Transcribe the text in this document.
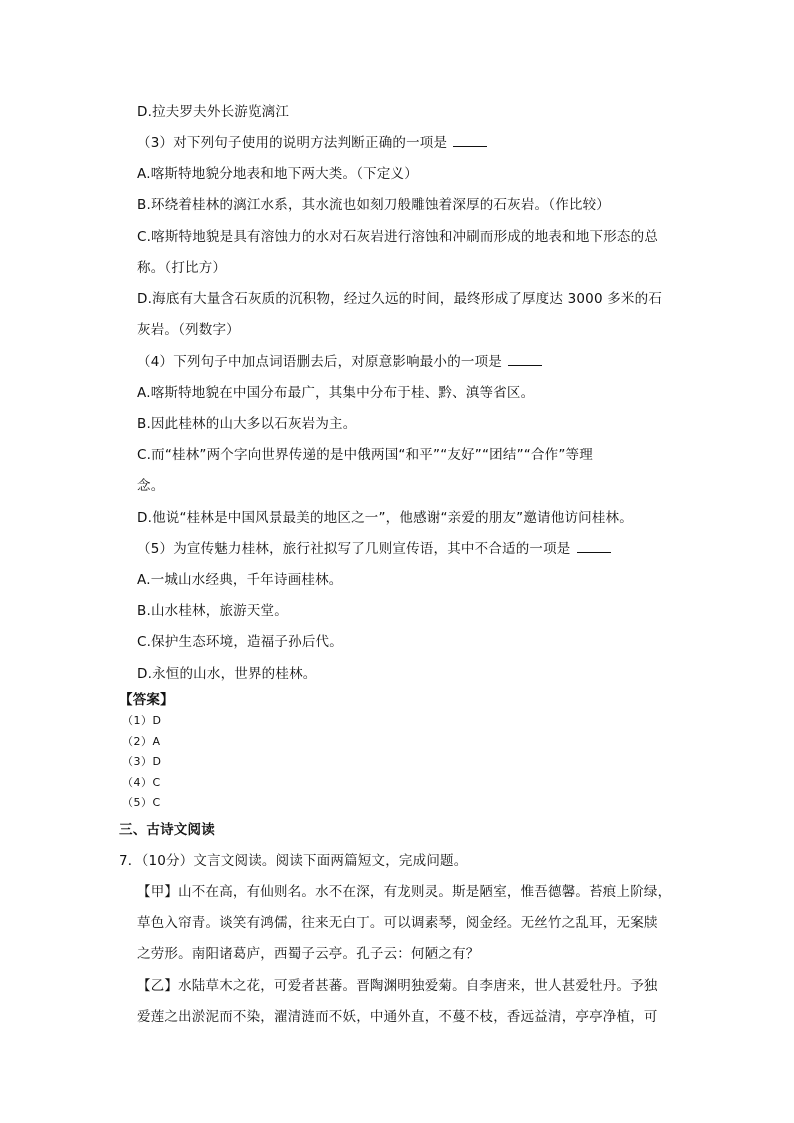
D.拉夫罗夫外长游览漓江
（3）对下列句子使用的说明方法判断正确的一项是
A.喀斯特地貌分地表和地下两大类。（下定义）
B.环绕着桂林的漓江水系，其水流也如刻刀般雕蚀着深厚的石灰岩。（作比较）
C.喀斯特地貌是具有溶蚀力的水对石灰岩进行溶蚀和冲刷而形成的地表和地下形态的总
称。（打比方）
D.海底有大量含石灰质的沉积物，经过久远的时间，最终形成了厚度达 3000 多米的石
灰岩。（列数字）
（4）下列句子中加点词语删去后，对原意影响最小的一项是
A.喀斯特地貌在中国分布最广，其集中分布于桂、黔、滇等省区。
B.因此桂林的山大多以石灰岩为主。
C.而“桂林”两个字向世界传递的是中俄两国“和平”“友好”“团结”“合作”等理
念。
D.他说“桂林是中国风景最美的地区之一”，他感谢“亲爱的朋友”邀请他访问桂林。
（5）为宣传魅力桂林，旅行社拟写了几则宣传语，其中不合适的一项是
A.一城山水经典，千年诗画桂林。
B.山水桂林，旅游天堂。
C.保护生态环境，造福子孙后代。
D.永恒的山水，世界的桂林。
【答案】
（1）D
（2）A
（3）D
（4）C
（5）C
三、古诗文阅读
7．（10分）文言文阅读。阅读下面两篇短文，完成问题。
【甲】山不在高，有仙则名。水不在深，有龙则灵。斯是陋室，惟吾德馨。苔痕上阶绿，
草色入帘青。谈笑有鸿儒，往来无白丁。可以调素琴，阅金经。无丝竹之乱耳，无案牍
之劳形。南阳诸葛庐，西蜀子云亭。孔子云：何陋之有？
【乙】水陆草木之花，可爱者甚蕃。晋陶渊明独爱菊。自李唐来，世人甚爱牡丹。予独
爱莲之出淤泥而不染，濯清涟而不妖，中通外直，不蔓不枝，香远益清，亭亭净植，可
